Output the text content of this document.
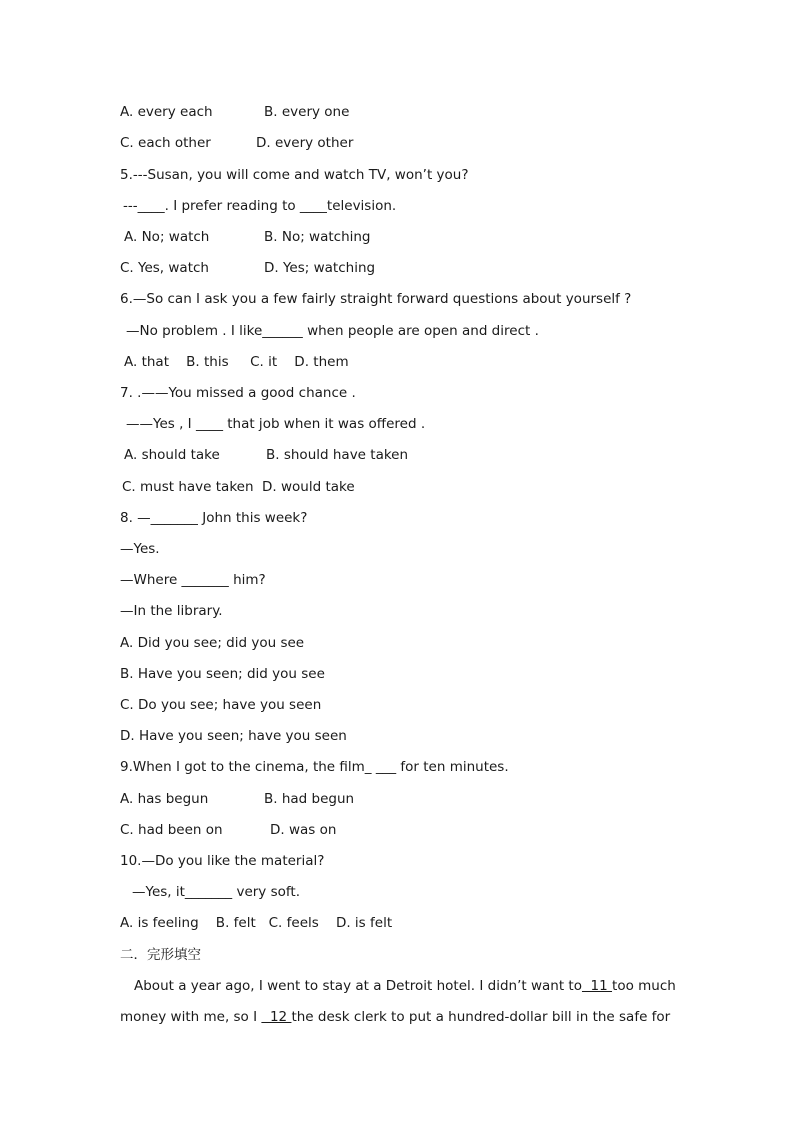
A. every each	B. every one
C. each other	D. every other
5.---Susan, you will come and watch TV, won’t you?
---____. I prefer reading to ____television.
A. No; watch	B. No; watching
C. Yes, watch	D. Yes; watching
6.—So can I ask you a few fairly straight forward questions about yourself ?
—No problem . I like______ when people are open and direct .
A. that    B. this     C. it    D. them
7. .——You missed a good chance .
——Yes , I ____ that job when it was offered .
A. should take	B. should have taken
C. must have taken D. would take
8. —_______ John this week?
—Yes.
—Where _______ him?
—In the library.
A. Did you see; did you see
B. Have you seen; did you see
C. Do you see; have you seen
D. Have you seen; have you seen
9.When I got to the cinema, the film_ ___ for ten minutes.
A. has begun	B. had begun
C. had been on	D. was on
10.—Do you like the material?
—Yes, it_______ very soft.
A. is feeling    B. felt   C. feels    D. is felt
二．完形填空
About a year ago, I went to stay at a Detroit hotel. I didn’t want to  11 too much
money with me, so I   12 the desk clerk to put a hundred-dollar bill in the safe for
